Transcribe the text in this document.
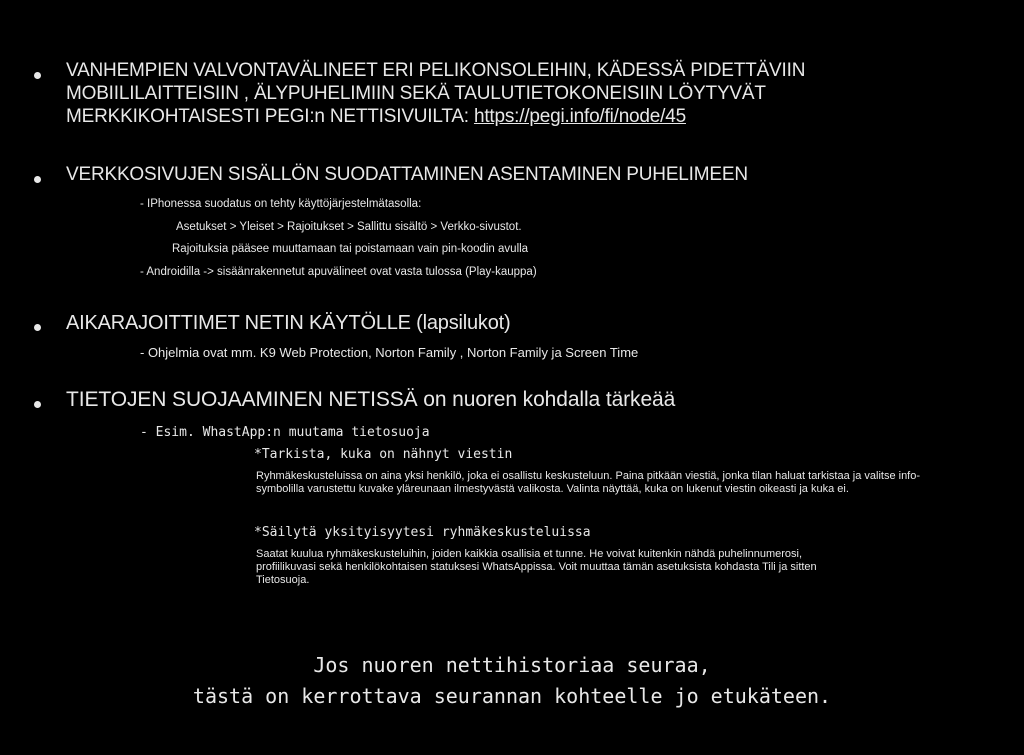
VANHEMPIEN VALVONTAVÄLINEET ERI PELIKONSOLEIHIN, KÄDESSÄ PIDETTÄVIIN
MOBIILILAITTEISIIN , ÄLYPUHELIMIIN SEKÄ TAULUTIETOKONEISIIN LÖYTYVÄT
MERKKIKOHTAISESTI PEGI:n NETTISIVUILTA: https://pegi.info/fi/node/45
VERKKOSIVUJEN SISÄLLÖN SUODATTAMINEN ASENTAMINEN PUHELIMEEN
- IPhonessa suodatus on tehty käyttöjärjestelmätasolla:
Asetukset > Yleiset > Rajoitukset > Sallittu sisältö > Verkko-sivustot.
Rajoituksia pääsee muuttamaan tai poistamaan vain pin-koodin avulla
- Androidilla -> sisäänrakennetut apuvälineet ovat vasta tulossa (Play-kauppa)
AIKARAJOITTIMET NETIN KÄYTÖLLE (lapsilukot)
- Ohjelmia ovat mm. K9 Web Protection, Norton Family , Norton Family ja Screen Time
TIETOJEN SUOJAAMINEN NETISSÄ on nuoren kohdalla tärkeää
- Esim. WhastApp:n muutama tietosuoja
*Tarkista, kuka on nähnyt viestin
Ryhmäkeskusteluissa on aina yksi henkilö, joka ei osallistu keskusteluun. Paina pitkään viestiä, jonka tilan haluat tarkistaa ja valitse info-symbolilla varustettu kuvake yläreunaan ilmestyvästä valikosta. Valinta näyttää, kuka on lukenut viestin oikeasti ja kuka ei.
*Säilytä yksityisyytesi ryhmäkeskusteluissa
Saatat kuulua ryhmäkeskusteluihin, joiden kaikkia osallisia et tunne. He voivat kuitenkin nähdä puhelinnumerosi, profiilikuvasi sekä henkilökohtaisen statuksesi WhatsAppissa. Voit muuttaa tämän asetuksista kohdasta Tili ja sitten Tietosuoja.
Jos nuoren nettihistoriaa seuraa,
tästä on kerrottava seurannan kohteelle jo etukäteen.
